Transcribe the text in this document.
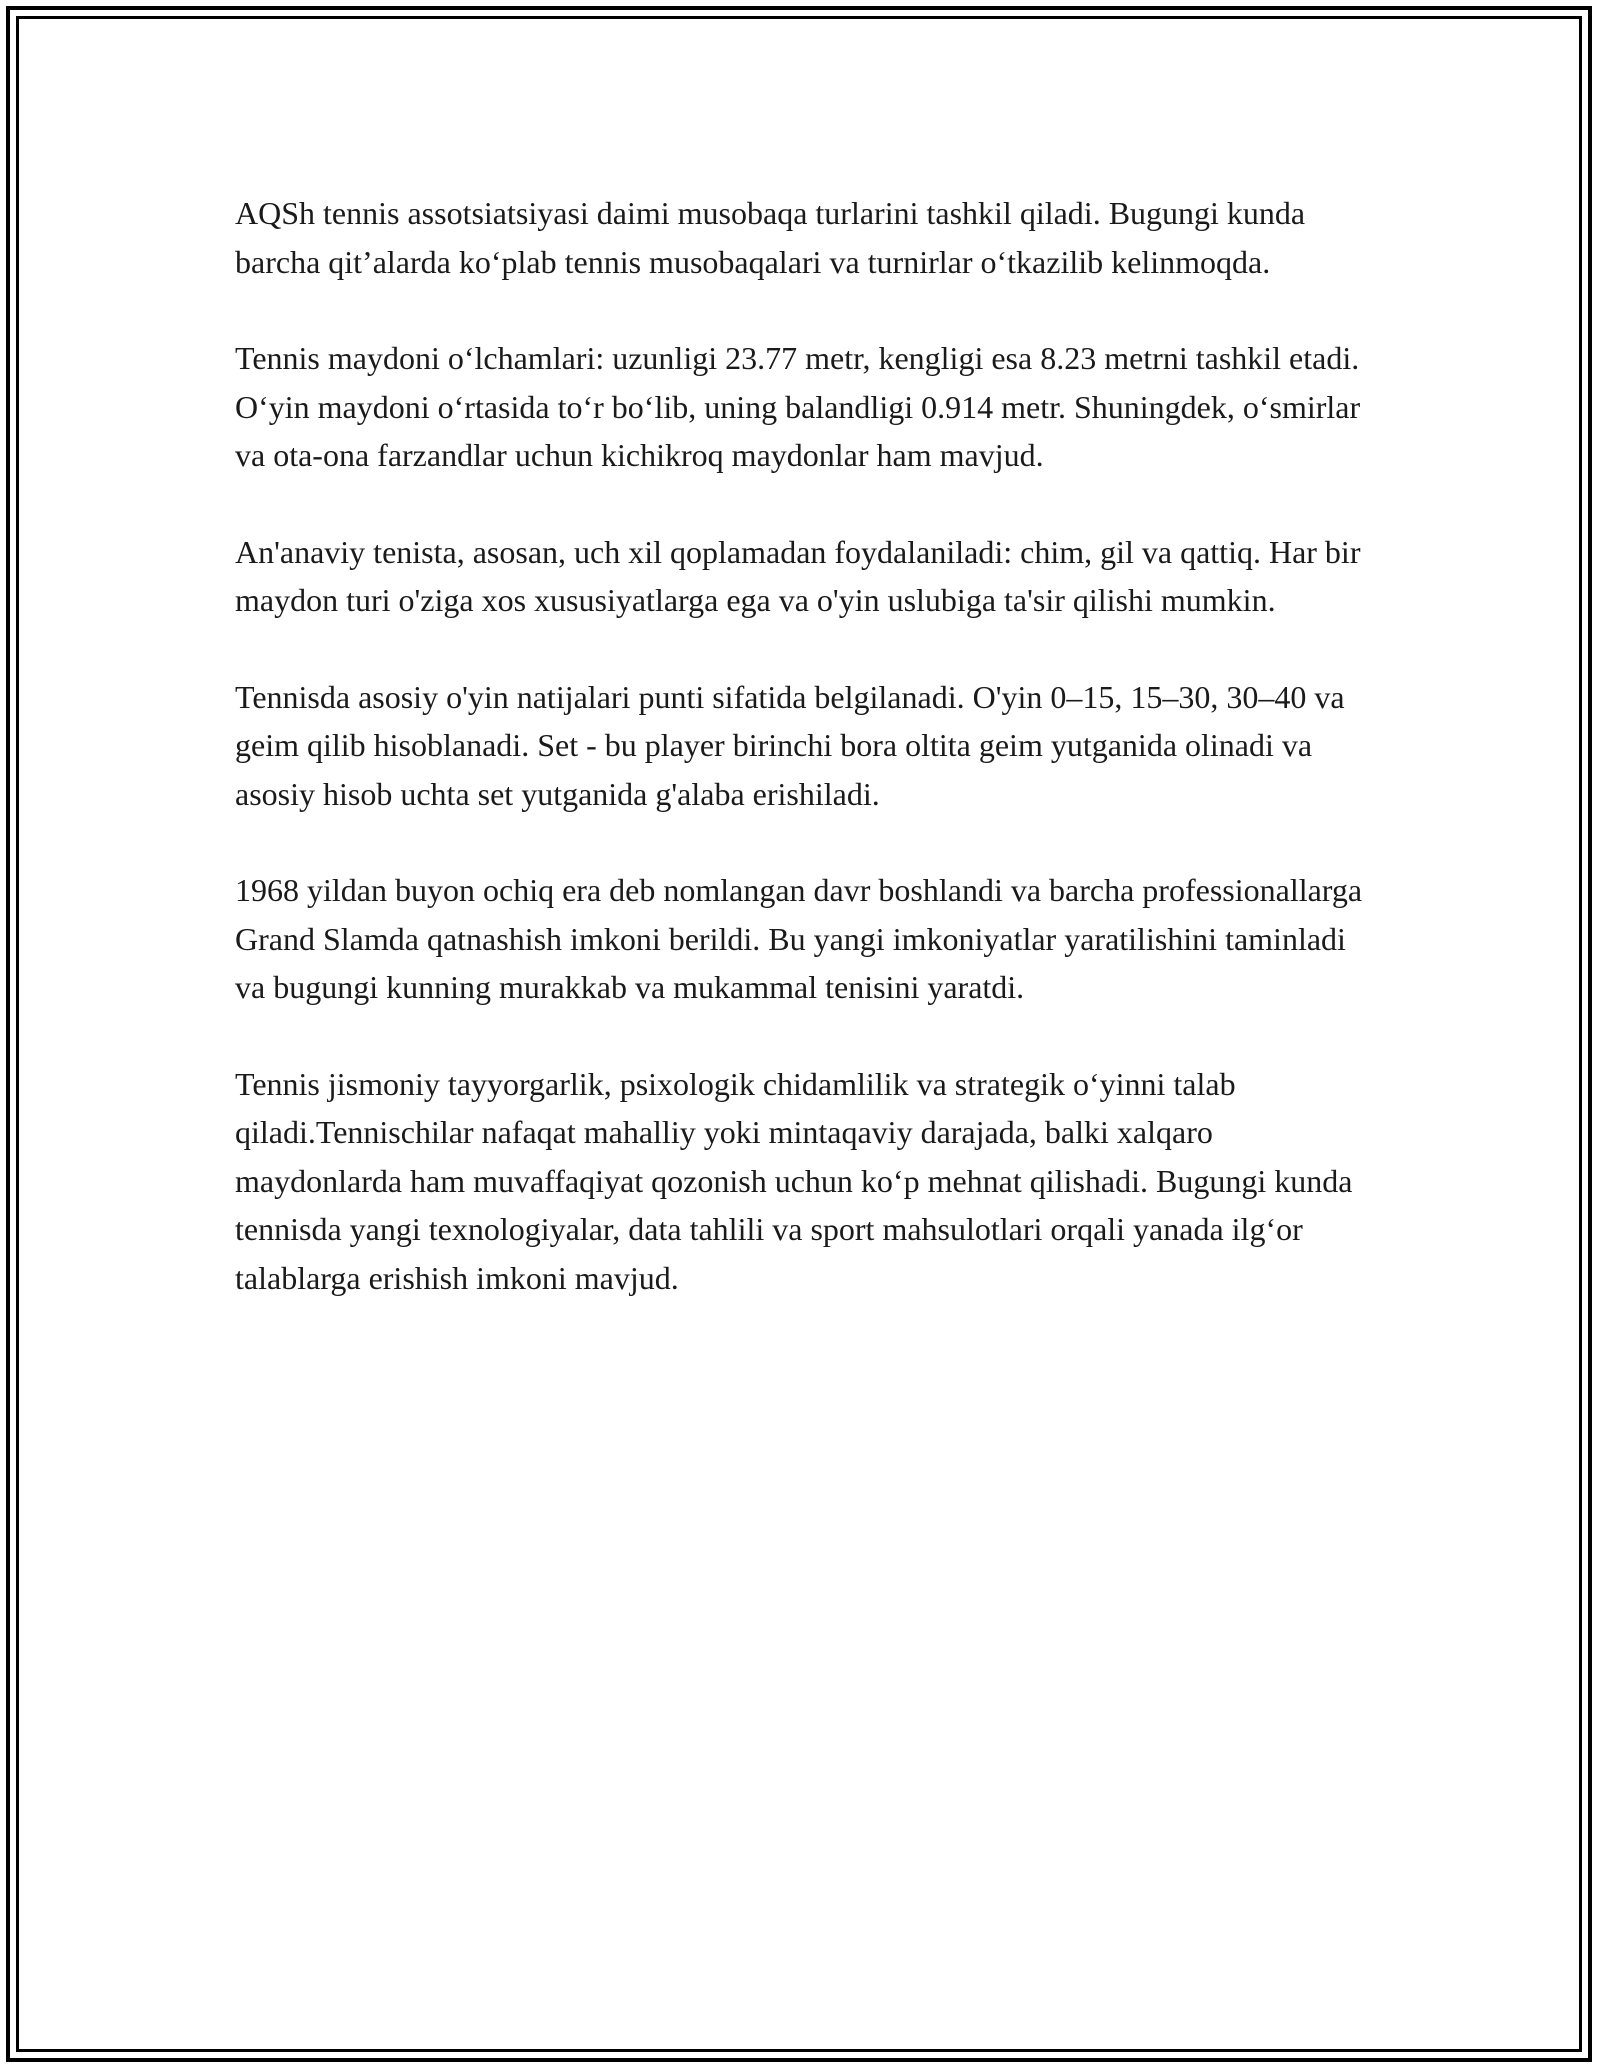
AQSh tennis assotsiatsiyasi daimi musobaqa turlarini tashkil qiladi. Bugungi kunda barcha qit’alarda ko‘plab tennis musobaqalari va turnirlar o‘tkazilib kelinmoqda.

Tennis maydoni o‘lchamlari: uzunligi 23.77 metr, kengligi esa 8.23 metrni tashkil etadi. O‘yin maydoni o‘rtasida to‘r bo‘lib, uning balandligi 0.914 metr. Shuningdek, o‘smirlar va ota-ona farzandlar uchun kichikroq maydonlar ham mavjud.

An'anaviy tenista, asosan, uch xil qoplamadan foydalaniladi: chim, gil va qattiq. Har bir maydon turi o'ziga xos xususiyatlarga ega va o'yin uslubiga ta'sir qilishi mumkin.

Tennisda asosiy o'yin natijalari punti sifatida belgilanadi. O'yin 0–15, 15–30, 30–40 va geim qilib hisoblanadi. Set - bu player birinchi bora oltita geim yutganida olinadi va asosiy hisob uchta set yutganida g'alaba erishiladi.

1968 yildan buyon ochiq era deb nomlangan davr boshlandi va barcha professionallarga Grand Slamda qatnashish imkoni berildi. Bu yangi imkoniyatlar yaratilishini taminladi va bugungi kunning murakkab va mukammal tenisini yaratdi.

Tennis jismoniy tayyorgarlik, psixologik chidamlilik va strategik o‘yinni talab qiladi.Tennischilar nafaqat mahalliy yoki mintaqaviy darajada, balki xalqaro maydonlarda ham muvaffaqiyat qozonish uchun ko‘p mehnat qilishadi. Bugungi kunda tennisda yangi texnologiyalar, data tahlili va sport mahsulotlari orqali yanada ilg‘or talablarga erishish imkoni mavjud.
